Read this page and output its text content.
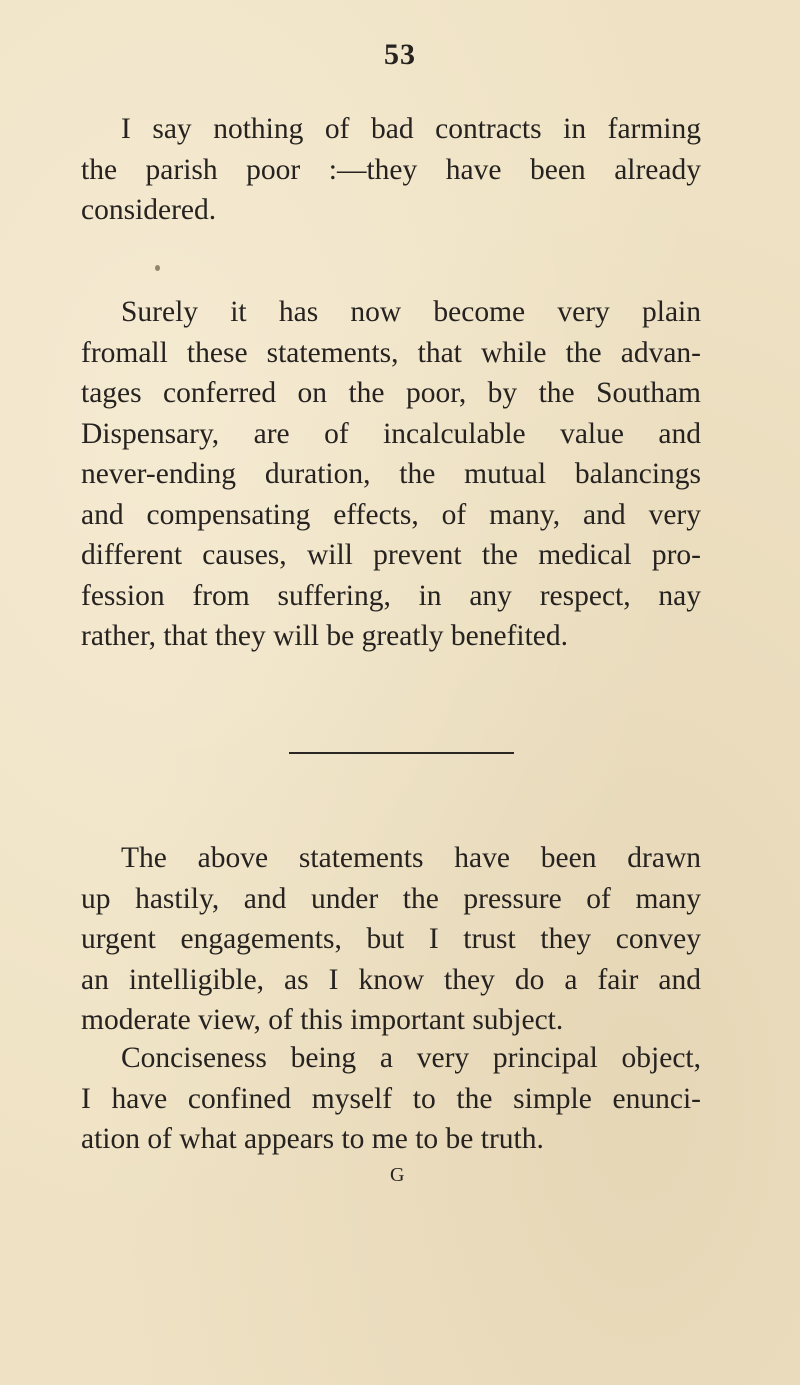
53
I say nothing of bad contracts in farming
the parish poor :—they have been already
considered.
Surely it has now become very plain
fromall these statements, that while the advan-
tages conferred on the poor, by the Southam
Dispensary, are of incalculable value and
never-ending duration, the mutual balancings
and compensating effects, of many, and very
different causes, will prevent the medical pro-
fession from suffering, in any respect, nay
rather, that they will be greatly benefited.
The above statements have been drawn
up hastily, and under the pressure of many
urgent engagements, but I trust they convey
an intelligible, as I know they do a fair and
moderate view, of this important subject.
Conciseness being a very principal object,
I have confined myself to the simple enunci-
ation of what appears to me to be truth.
G
